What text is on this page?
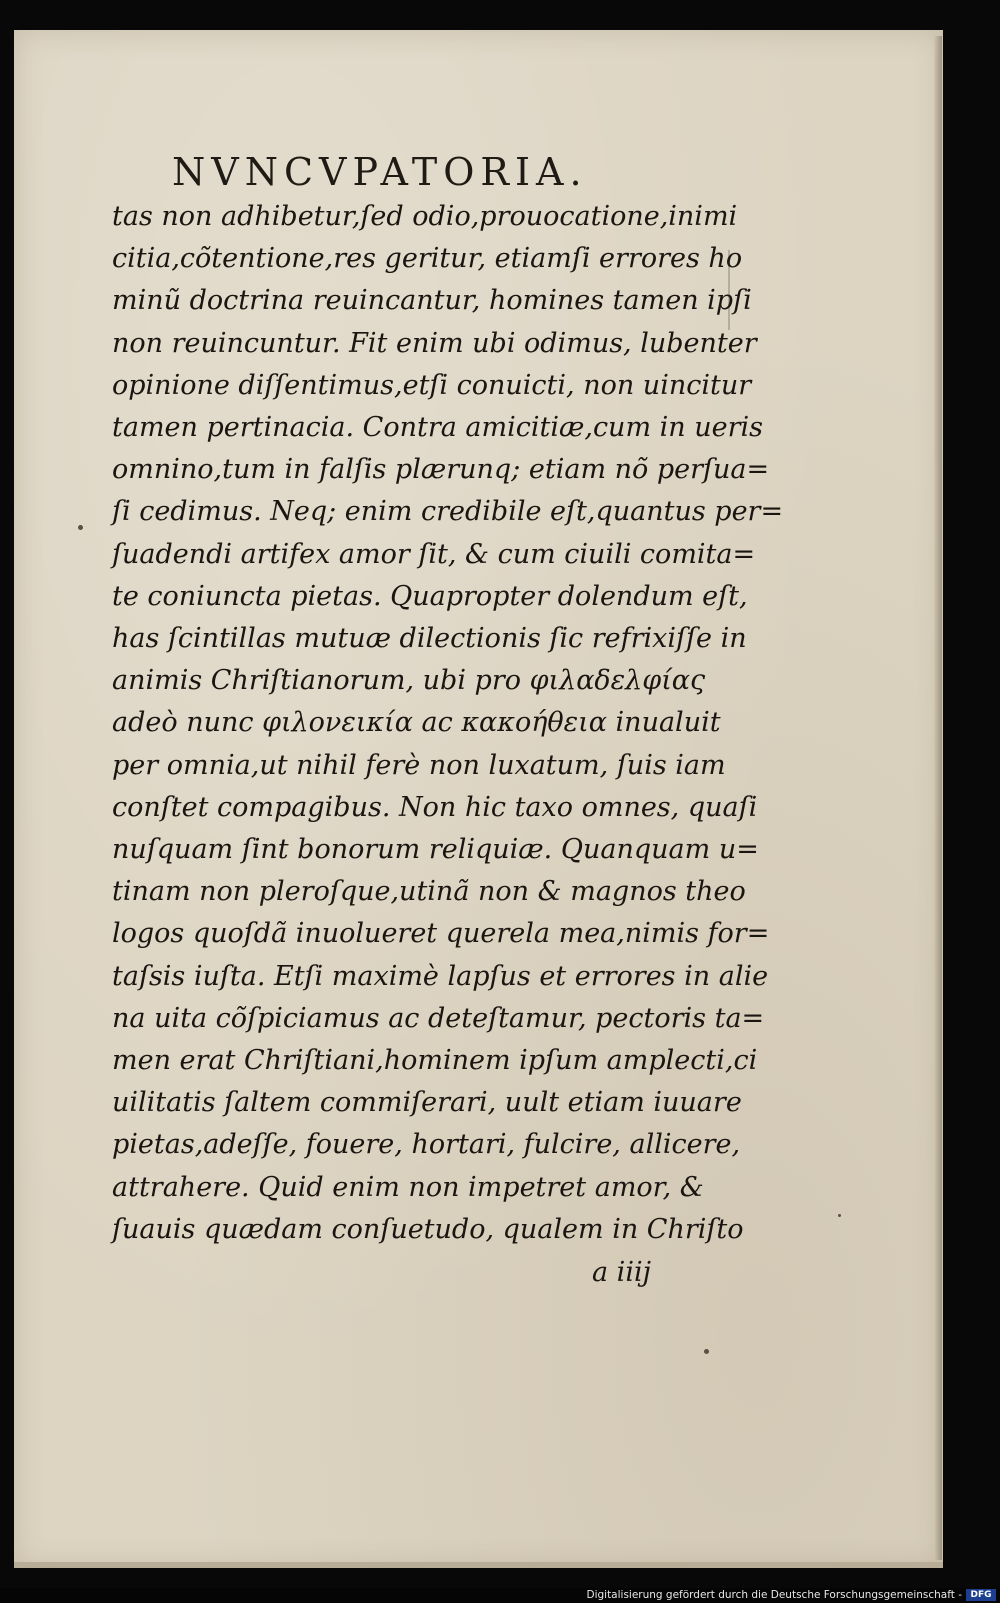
NVNCVPATORIA.
tas non adhibetur,ſed odio,prouocatione,inimi
citia,cõtentione,res geritur, etiamſi errores ho
minũ doctrina reuincantur, homines tamen ipſi
non reuincuntur. Fit enim ubi odimus, lubenter
opinione diſſentimus,etſi conuicti, non uincitur
tamen pertinacia. Contra amicitiæ,cum in ueris
omnino,tum in falſis plærunq; etiam nõ perſua=
ſi cedimus. Neq; enim credibile eſt,quantus per=
ſuadendi artifex amor ſit, & cum ciuili comita=
te coniuncta pietas. Quapropter dolendum eſt,
has ſcintillas mutuæ dilectionis ſic refrixiſſe in
animis Chriſtianorum, ubi pro φιλαδελφίας
adeò nunc φιλονεικία ac κακοήθεια inualuit
per omnia,ut nihil ferè non luxatum, ſuis iam
conſtet compagibus. Non hic taxo omnes, quaſi
nuſquam ſint bonorum reliquiæ. Quanquam u=
tinam non pleroſque,utinã non & magnos theo
logos quoſdã inuolueret querela mea,nimis for=
taſsis iuſta. Etſi maximè lapſus et errores in alie
na uita cõſpiciamus ac deteſtamur, pectoris ta=
men erat Chriſtiani,hominem ipſum amplecti,ci
uilitatis ſaltem commiſerari, uult etiam iuuare
pietas,adeſſe, fouere, hortari, fulcire, allicere,
attrahere. Quid enim non impetret amor, &
ſuauis quædam conſuetudo, qualem in Chriſto
a iiij
Digitalisierung gefördert durch die Deutsche Forschungsgemeinschaft - DFG
